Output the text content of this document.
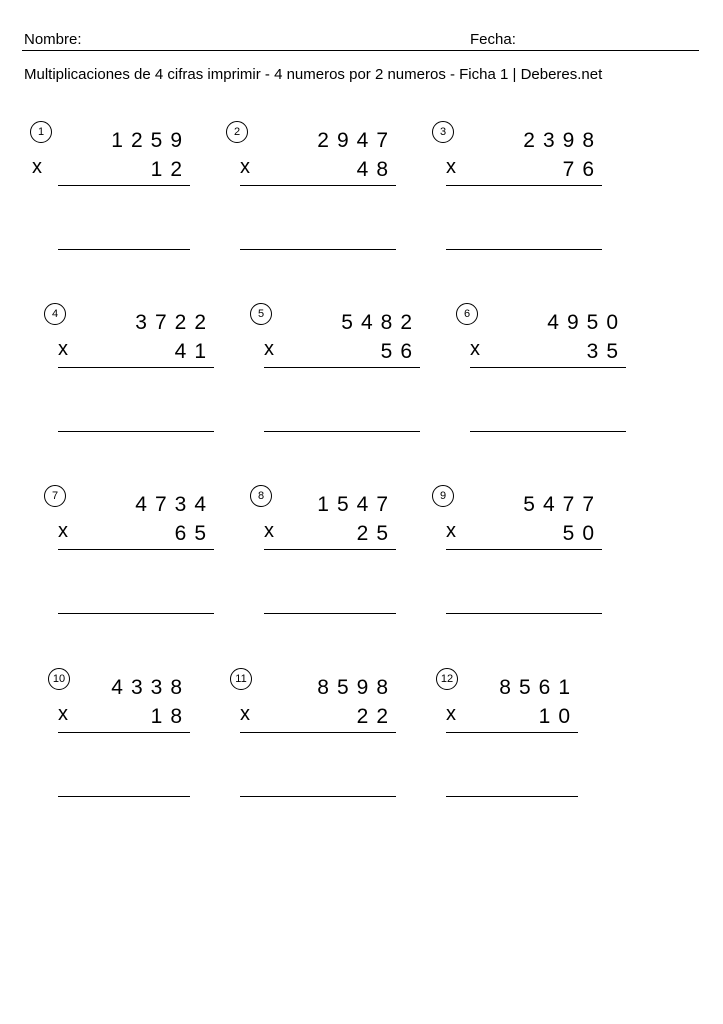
Nombre:	Fecha:
Multiplicaciones de 4 cifras imprimir - 4 numeros por 2 numeros - Ficha 1 | Deberes.net
1	1259
x	12
2	2947
x	48
3	2398
x	76
4	3722
x	41
5	5482
x	56
6	4950
x	35
7	4734
x	65
8	1547
x	25
9	5477
x	50
10 4338
x	18
11	8598
x	22
12 8561
x	10
